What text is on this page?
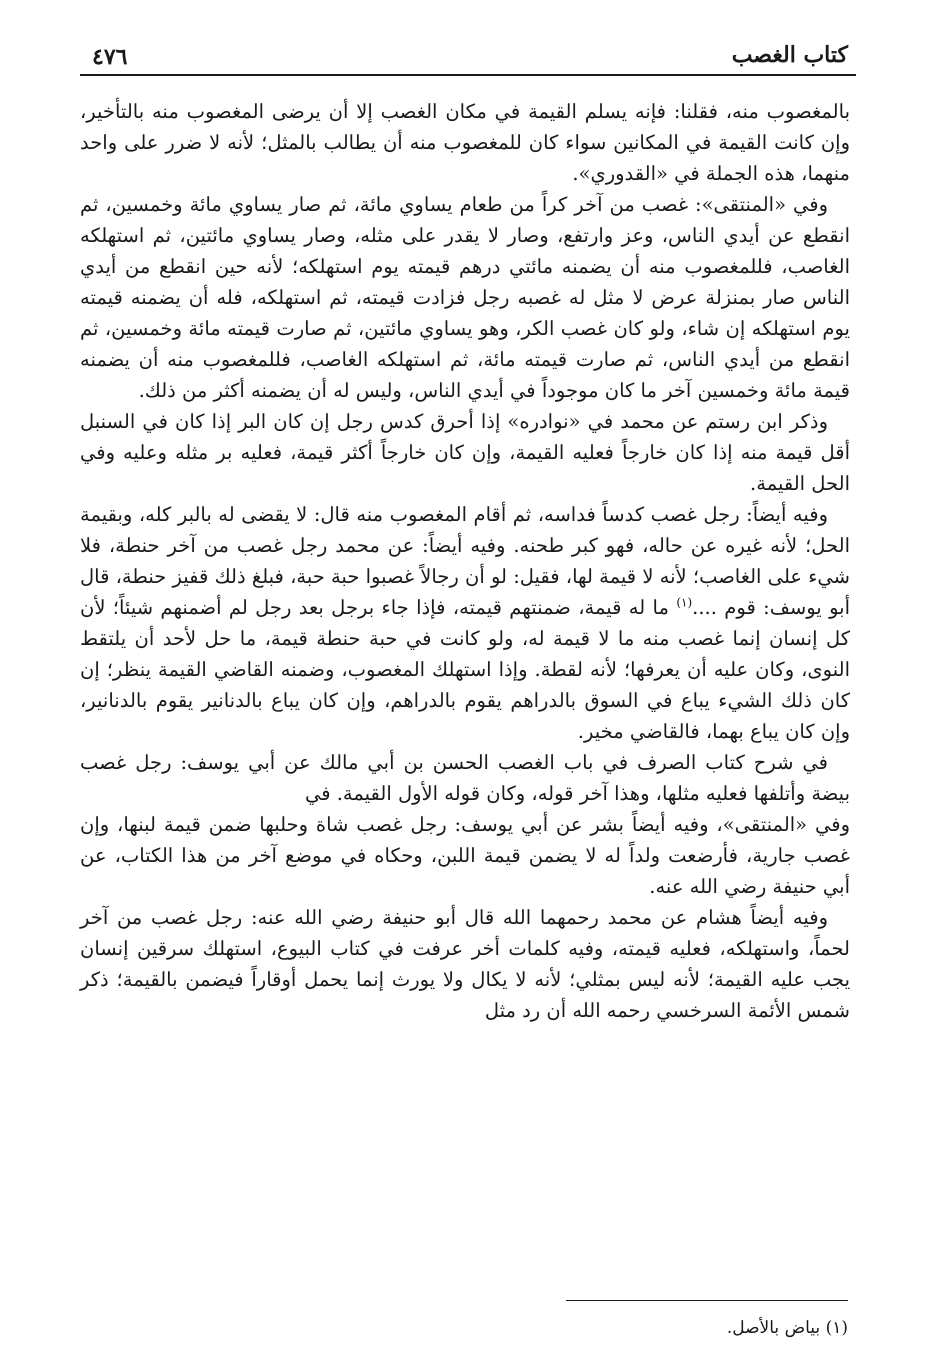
كتاب الغصب
٤٧٦

بالمغصوب منه، فقلنا: فإنه يسلم القيمة في مكان الغصب إلا أن يرضى المغصوب منه بالتأخير، وإن كانت القيمة في المكانين سواء كان للمغصوب منه أن يطالب بالمثل؛ لأنه لا ضرر على واحد منهما، هذه الجملة في «القدوري».

وفي «المنتقى»: غصب من آخر كراً من طعام يساوي مائة، ثم صار يساوي مائة وخمسين، ثم انقطع عن أيدي الناس، وعز وارتفع، وصار لا يقدر على مثله، وصار يساوي مائتين، ثم استهلكه الغاصب، فللمغصوب منه أن يضمنه مائتي درهم قيمته يوم استهلكه؛ لأنه حين انقطع من أيدي الناس صار بمنزلة عرض لا مثل له غصبه رجل فزادت قيمته، ثم استهلكه، فله أن يضمنه قيمته يوم استهلكه إن شاء، ولو كان غصب الكر، وهو يساوي مائتين، ثم صارت قيمته مائة وخمسين، ثم انقطع من أيدي الناس، ثم صارت قيمته مائة، ثم استهلكه الغاصب، فللمغصوب منه أن يضمنه قيمة مائة وخمسين آخر ما كان موجوداً في أيدي الناس، وليس له أن يضمنه أكثر من ذلك.

وذكر ابن رستم عن محمد في «نوادره» إذا أحرق كدس رجل إن كان البر إذا كان في السنبل أقل قيمة منه إذا كان خارجاً فعليه القيمة، وإن كان خارجاً أكثر قيمة، فعليه بر مثله وعليه وفي الحل القيمة.

وفيه أيضاً: رجل غصب كدساً فداسه، ثم أقام المغصوب منه قال: لا يقضى له بالبر كله، وبقيمة الحل؛ لأنه غيره عن حاله، فهو كبر طحنه. وفيه أيضاً: عن محمد رجل غصب من آخر حنطة، فلا شيء على الغاصب؛ لأنه لا قيمة لها، فقيل: لو أن رجالاً غصبوا حبة حبة، فبلغ ذلك قفيز حنطة، قال أبو يوسف: قوم ....$^{(١)}$ ما له قيمة، ضمنتهم قيمته، فإذا جاء برجل بعد رجل لم أضمنهم شيئاً؛ لأن كل إنسان إنما غصب منه ما لا قيمة له، ولو كانت في حبة حنطة قيمة، ما حل لأحد أن يلتقط النوى، وكان عليه أن يعرفها؛ لأنه لقطة. وإذا استهلك المغصوب، وضمنه القاضي القيمة ينظر؛ إن كان ذلك الشيء يباع في السوق بالدراهم يقوم بالدراهم، وإن كان يباع بالدنانير يقوم بالدنانير، وإن كان يباع بهما، فالقاضي مخير.

في شرح كتاب الصرف في باب الغصب الحسن بن أبي مالك عن أبي يوسف: رجل غصب بيضة وأتلفها فعليه مثلها، وهذا آخر قوله، وكان قوله الأول القيمة. في

وفي «المنتقى»، وفيه أيضاً بشر عن أبي يوسف: رجل غصب شاة وحلبها ضمن قيمة لبنها، وإن غصب جارية، فأرضعت ولداً له لا يضمن قيمة اللبن، وحكاه في موضع آخر من هذا الكتاب، عن أبي حنيفة رضي الله عنه.

وفيه أيضاً هشام عن محمد رحمهما الله قال أبو حنيفة رضي الله عنه: رجل غصب من آخر لحماً، واستهلكه، فعليه قيمته، وفيه كلمات أخر عرفت في كتاب البيوع، استهلك سرقين إنسان يجب عليه القيمة؛ لأنه ليس بمثلي؛ لأنه لا يكال ولا يورث إنما يحمل أوقاراً فيضمن بالقيمة؛ ذكر شمس الأئمة السرخسي رحمه الله أن رد مثل

(١) بياض بالأصل.
